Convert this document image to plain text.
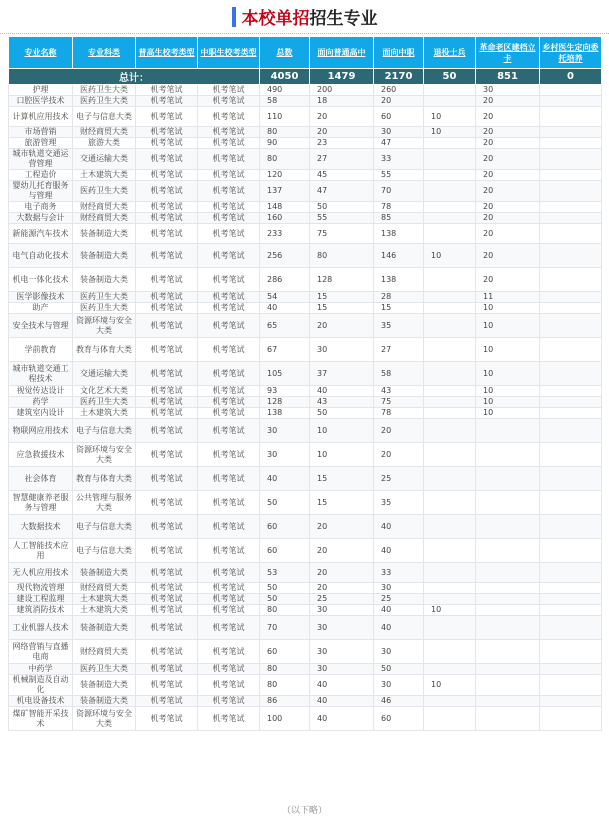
本校单招 招生专业
专业名称	专业科类	普高生校考类型	中职生校考类型	总数	面向普通高中	面向中职	退役士兵	革命老区建档立卡	乡村医生定向委托培养
总计：				4050	1479	2170	50	851	0
护理	医药卫生大类	机考笔试	机考笔试	490	200	260		30	
口腔医学技术	医药卫生大类	机考笔试	机考笔试	58	18	20		20	
计算机应用技术	电子与信息大类	机考笔试	机考笔试	110	20	60	10	20	
市场营销	财经商贸大类	机考笔试	机考笔试	80	20	30	10	20	
旅游管理	旅游大类	机考笔试	机考笔试	90	23	47		20	
城市轨道交通运营管理	交通运输大类	机考笔试	机考笔试	80	27	33		20	
工程造价	土木建筑大类	机考笔试	机考笔试	120	45	55		20	
婴幼儿托育服务与管理	医药卫生大类	机考笔试	机考笔试	137	47	70		20	
电子商务	财经商贸大类	机考笔试	机考笔试	148	50	78		20	
大数据与会计	财经商贸大类	机考笔试	机考笔试	160	55	85		20	
新能源汽车技术	装备制造大类	机考笔试	机考笔试	233	75	138		20	
电气自动化技术	装备制造大类	机考笔试	机考笔试	256	80	146	10	20	
机电一体化技术	装备制造大类	机考笔试	机考笔试	286	128	138		20	
医学影像技术	医药卫生大类	机考笔试	机考笔试	54	15	28		11	
助产	医药卫生大类	机考笔试	机考笔试	40	15	15		10	
安全技术与管理	资源环境与安全大类	机考笔试	机考笔试	65	20	35		10	
学前教育	教育与体育大类	机考笔试	机考笔试	67	30	27		10	
城市轨道交通工程技术	交通运输大类	机考笔试	机考笔试	105	37	58		10	
视觉传达设计	文化艺术大类	机考笔试	机考笔试	93	40	43		10	
药学	医药卫生大类	机考笔试	机考笔试	128	43	75		10	
建筑室内设计	土木建筑大类	机考笔试	机考笔试	138	50	78		10	
物联网应用技术	电子与信息大类	机考笔试	机考笔试	30	10	20			
应急救援技术	资源环境与安全大类	机考笔试	机考笔试	30	10	20			
社会体育	教育与体育大类	机考笔试	机考笔试	40	15	25			
智慧健康养老服务与管理	公共管理与服务大类	机考笔试	机考笔试	50	15	35			
大数据技术	电子与信息大类	机考笔试	机考笔试	60	20	40			
人工智能技术应用	电子与信息大类	机考笔试	机考笔试	60	20	40			
无人机应用技术	装备制造大类	机考笔试	机考笔试	53	20	33			
现代物流管理	财经商贸大类	机考笔试	机考笔试	50	20	30			
建设工程监理	土木建筑大类	机考笔试	机考笔试	50	25	25			
建筑消防技术	土木建筑大类	机考笔试	机考笔试	80	30	40	10		
工业机器人技术	装备制造大类	机考笔试	机考笔试	70	30	40			
网络营销与直播电商	财经商贸大类	机考笔试	机考笔试	60	30	30			
中药学	医药卫生大类	机考笔试	机考笔试	80	30	50			
机械制造及自动化	装备制造大类	机考笔试	机考笔试	80	40	30	10		
机电设备技术	装备制造大类	机考笔试	机考笔试	86	40	46			
煤矿智能开采技术	资源环境与安全大类	机考笔试	机考笔试	100	40	60			
（以下略）
